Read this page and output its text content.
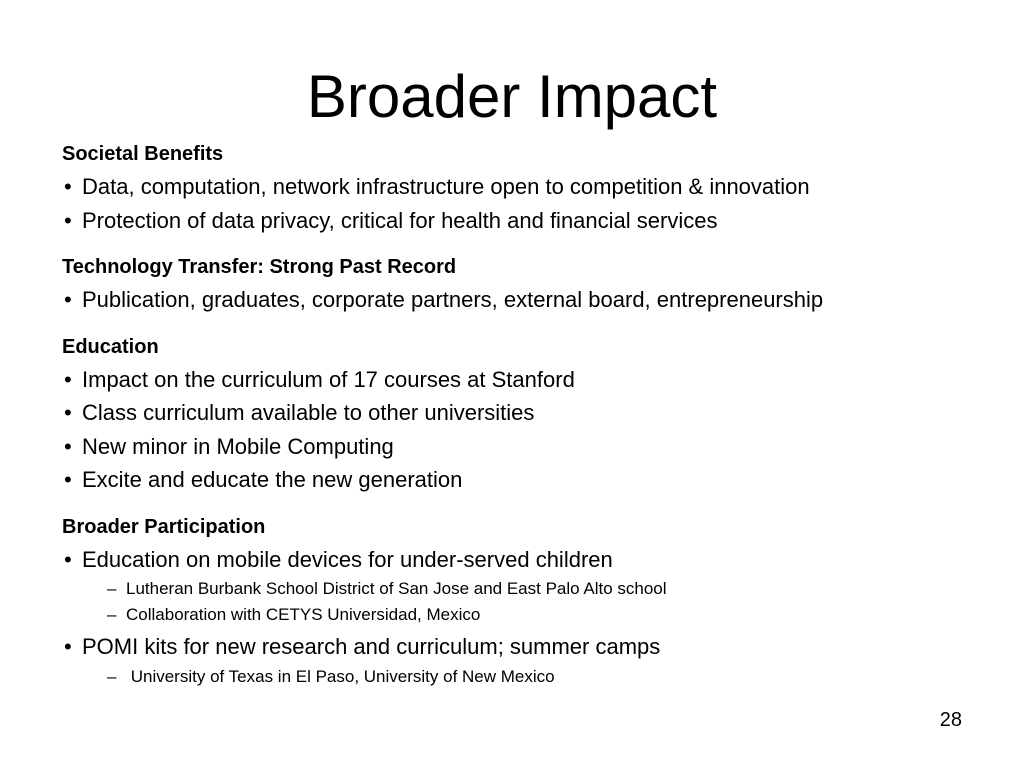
Broader Impact
Societal Benefits
• Data, computation, network infrastructure open to competition & innovation
• Protection of data privacy, critical for health and financial services
Technology Transfer: Strong Past Record
• Publication, graduates, corporate partners, external board, entrepreneurship
Education
• Impact on the curriculum of 17 courses at Stanford
• Class curriculum available to other universities
• New minor in Mobile Computing
• Excite and educate the new generation
Broader Participation
• Education on mobile devices for under-served children
– Lutheran Burbank School District of San Jose and East Palo Alto school
– Collaboration with CETYS Universidad, Mexico
• POMI kits for new research and curriculum; summer camps
– University of Texas in El Paso, University of New Mexico
28
